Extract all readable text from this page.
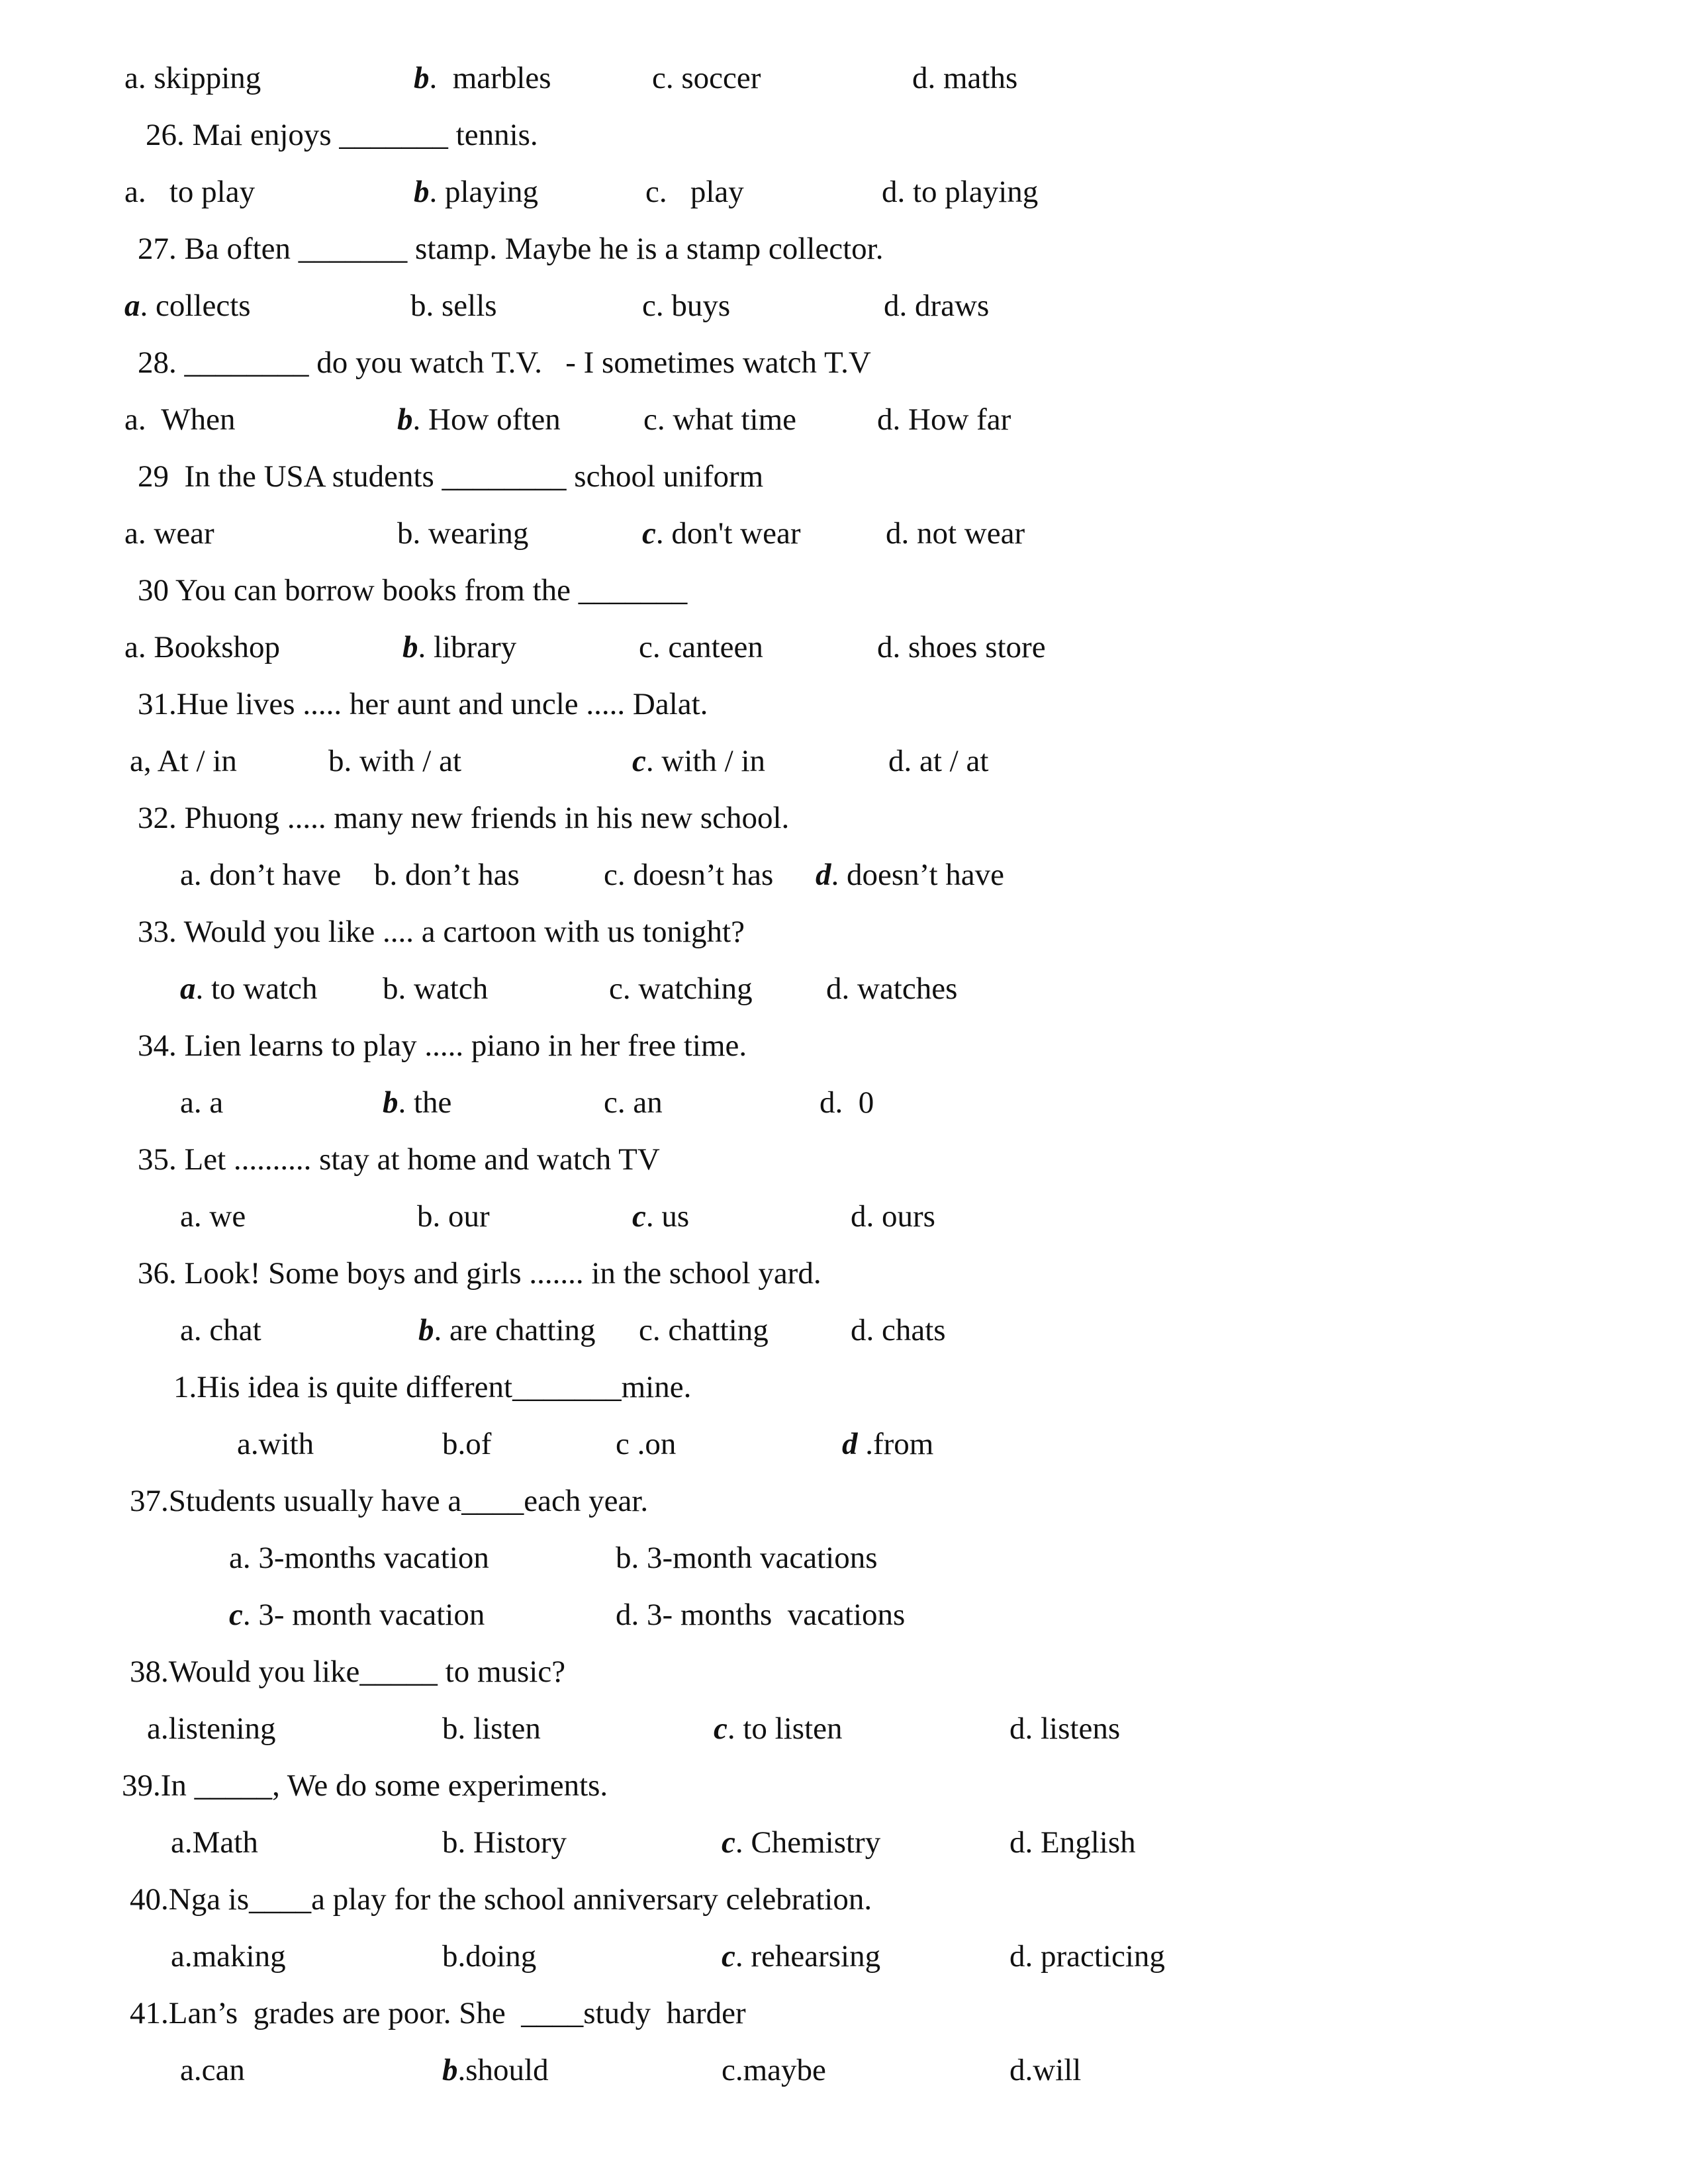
a. skipping	b.  marbles	c. soccer	d. maths
26. Mai enjoys _______ tennis.
a.   to play	b. playing	c.   play	d. to playing
27. Ba often _______ stamp. Maybe he is a stamp collector.
a. collects	b. sells	c. buys	d. draws
28. ________ do you watch T.V.   - I sometimes watch T.V
a.  When	b. How often	c. what time	d. How far
29  In the USA students ________ school uniform
a. wear	b. wearing	c. don't wear	d. not wear
30 You can borrow books from the _______
a. Bookshop	b. library	c. canteen	d. shoes store
31.Hue lives ..... her aunt and uncle ..... Dalat.
a, At / in	b. with / at	c. with / in	d. at / at
32. Phuong ..... many new friends in his new school.
a. don’t have b. don’t has	c. doesn’t has d. doesn’t have
33. Would you like .... a cartoon with us tonight?
a. to watch b. watch	c. watching d. watches
34. Lien learns to play ..... piano in her free time.
a. a	b. the	c. an	d.  0
35. Let .......... stay at home and watch TV
a. we	b. our	c. us	d. ours
36. Look! Some boys and girls ....... in the school yard.
a. chat	b. are chatting c. chatting	d. chats
1.His idea is quite different_______mine.
a.with	b.of	c .on	d .from
37.Students usually have a____each year.
a. 3-months vacation	b. 3-month vacations
c. 3- month vacation	d. 3- months  vacations
38.Would you like_____ to music?
a.listening	b. listen	c. to listen	d. listens
39.In _____, We do some experiments.
a.Math	b. History	c. Chemistry	d. English
40.Nga is____a play for the school anniversary celebration.
a.making	b.doing	c. rehearsing	d. practicing
41.Lan’s  grades are poor. She  ____study  harder
a.can	b.should	c.maybe	d.will
